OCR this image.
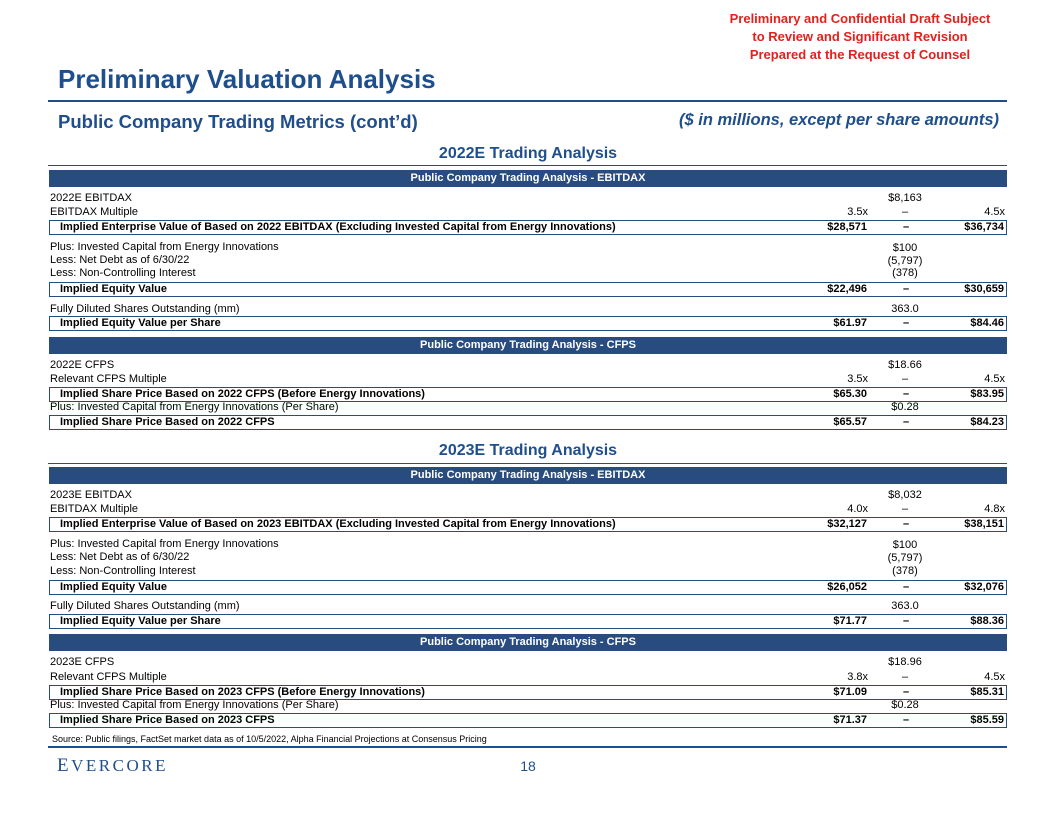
Preliminary and Confidential Draft Subject
to Review and Significant Revision
Prepared at the Request of Counsel
Preliminary Valuation Analysis
Public Company Trading Metrics (cont’d)	($ in millions, except per share amounts)
2022E Trading Analysis
Public Company Trading Analysis - EBITDAX
2022E EBITDAX	$8,163
EBITDAX Multiple	3.5x	–	4.5x
Implied Enterprise Value of Based on 2022 EBITDAX (Excluding Invested Capital from Energy Innovations)	$28,571	–	$36,734
Plus: Invested Capital from Energy Innovations	$100
Less: Net Debt as of 6/30/22	(5,797)
Less: Non-Controlling Interest	(378)
Implied Equity Value	$22,496	–	$30,659
Fully Diluted Shares Outstanding (mm)	363.0
Implied Equity Value per Share	$61.97	–	$84.46
Public Company Trading Analysis - CFPS
2022E CFPS	$18.66
Relevant CFPS Multiple	3.5x	–	4.5x
Implied Share Price Based on 2022 CFPS (Before Energy Innovations)	$65.30	–	$83.95
Plus: Invested Capital from Energy Innovations (Per Share)	$0.28
Implied Share Price Based on 2022 CFPS	$65.57	–	$84.23
2023E Trading Analysis
Public Company Trading Analysis - EBITDAX
2023E EBITDAX	$8,032
EBITDAX Multiple	4.0x	–	4.8x
Implied Enterprise Value of Based on 2023 EBITDAX (Excluding Invested Capital from Energy Innovations)	$32,127	–	$38,151
Plus: Invested Capital from Energy Innovations	$100
Less: Net Debt as of 6/30/22	(5,797)
Less: Non-Controlling Interest	(378)
Implied Equity Value	$26,052	–	$32,076
Fully Diluted Shares Outstanding (mm)	363.0
Implied Equity Value per Share	$71.77	–	$88.36
Public Company Trading Analysis - CFPS
2023E CFPS	$18.96
Relevant CFPS Multiple	3.8x	–	4.5x
Implied Share Price Based on 2023 CFPS (Before Energy Innovations)	$71.09	–	$85.31
Plus: Invested Capital from Energy Innovations (Per Share)	$0.28
Implied Share Price Based on 2023 CFPS	$71.37	–	$85.59
Source: Public filings, FactSet market data as of 10/5/2022, Alpha Financial Projections at Consensus Pricing
EVERCORE	18
